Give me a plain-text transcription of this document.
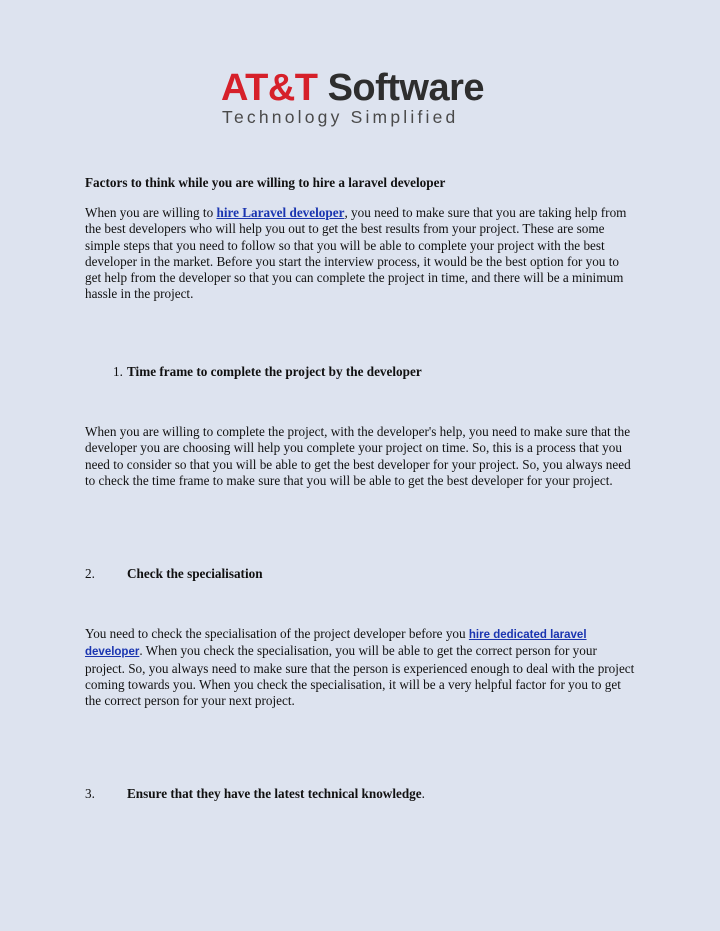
AT&T Software
Technology Simplified
Factors to think while you are willing to hire a laravel developer
When you are willing to hire Laravel developer, you need to make sure that you are taking help from the best developers who will help you out to get the best results from your project. These are some simple steps that you need to follow so that you will be able to complete your project with the best developer in the market. Before you start the interview process, it would be the best option for you to get help from the developer so that you can complete the project in time, and there will be a minimum hassle in the project.
1. Time frame to complete the project by the developer
When you are willing to complete the project, with the developer's help, you need to make sure that the developer you are choosing will help you complete your project on time. So, this is a process that you need to consider so that you will be able to get the best developer for your project. So, you always need to check the time frame to make sure that you will be able to get the best developer for your project.
2. Check the specialisation
You need to check the specialisation of the project developer before you hire dedicated laravel developer. When you check the specialisation, you will be able to get the correct person for your project. So, you always need to make sure that the person is experienced enough to deal with the project coming towards you. When you check the specialisation, it will be a very helpful factor for you to get the correct person for your next project.
3. Ensure that they have the latest technical knowledge.
